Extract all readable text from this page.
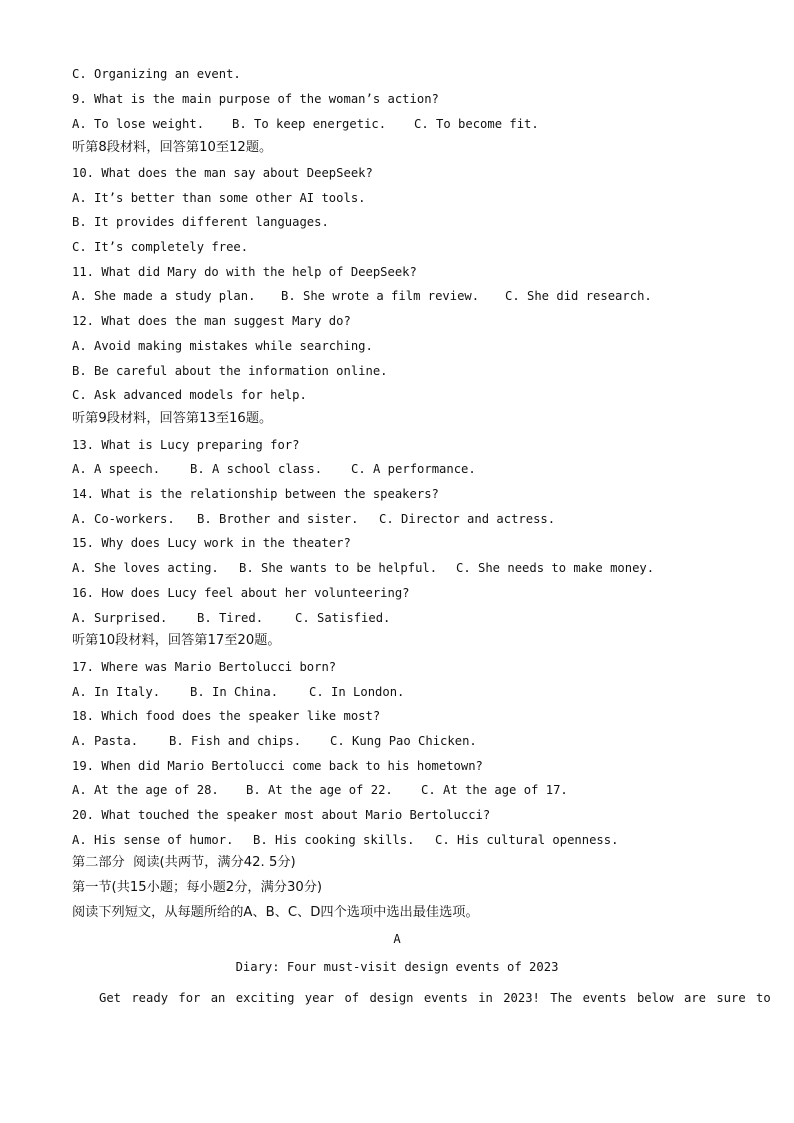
C. Organizing an event.
9. What is the main purpose of the woman’s action?
A. To lose weight. B. To keep energetic. C. To become fit.
听第8段材料，回答第10至12题。
10. What does the man say about DeepSeek?
A. It’s better than some other AI tools.
B. It provides different languages.
C. It’s completely free.
11. What did Mary do with the help of DeepSeek?
A. She made a study plan. B. She wrote a film review. C. She did research.
12. What does the man suggest Mary do?
A. Avoid making mistakes while searching.
B. Be careful about the information online.
C. Ask advanced models for help.
听第9段材料，回答第13至16题。
13. What is Lucy preparing for?
A. A speech. B. A school class. C. A performance.
14. What is the relationship between the speakers?
A. Co-workers. B. Brother and sister. C. Director and actress.
15. Why does Lucy work in the theater?
A. She loves acting. B. She wants to be helpful. C. She needs to make money.
16. How does Lucy feel about her volunteering?
A. Surprised. B. Tired.	C. Satisfied.
听第10段材料，回答第17至20题。
17. Where was Mario Bertolucci born?
A. In Italy. B. In China.	C. In London.
18. Which food does the speaker like most?
A. Pasta.	B. Fish and chips. C. Kung Pao Chicken.
19. When did Mario Bertolucci come back to his hometown?
A. At the age of 28. B. At the age of 22. C. At the age of 17.
20. What touched the speaker most about Mario Bertolucci?
A. His sense of humor. B. His cooking skills. C. His cultural openness.
第二部分  阅读(共两节，满分42. 5分)
第一节(共15小题；每小题2分，满分30分)
阅读下列短文，从每题所给的A、B、C、D四个选项中选出最佳选项。
A
Diary: Four must-visit design events of 2023
Get ready for an exciting year of design events in 2023! The events below are sure to
